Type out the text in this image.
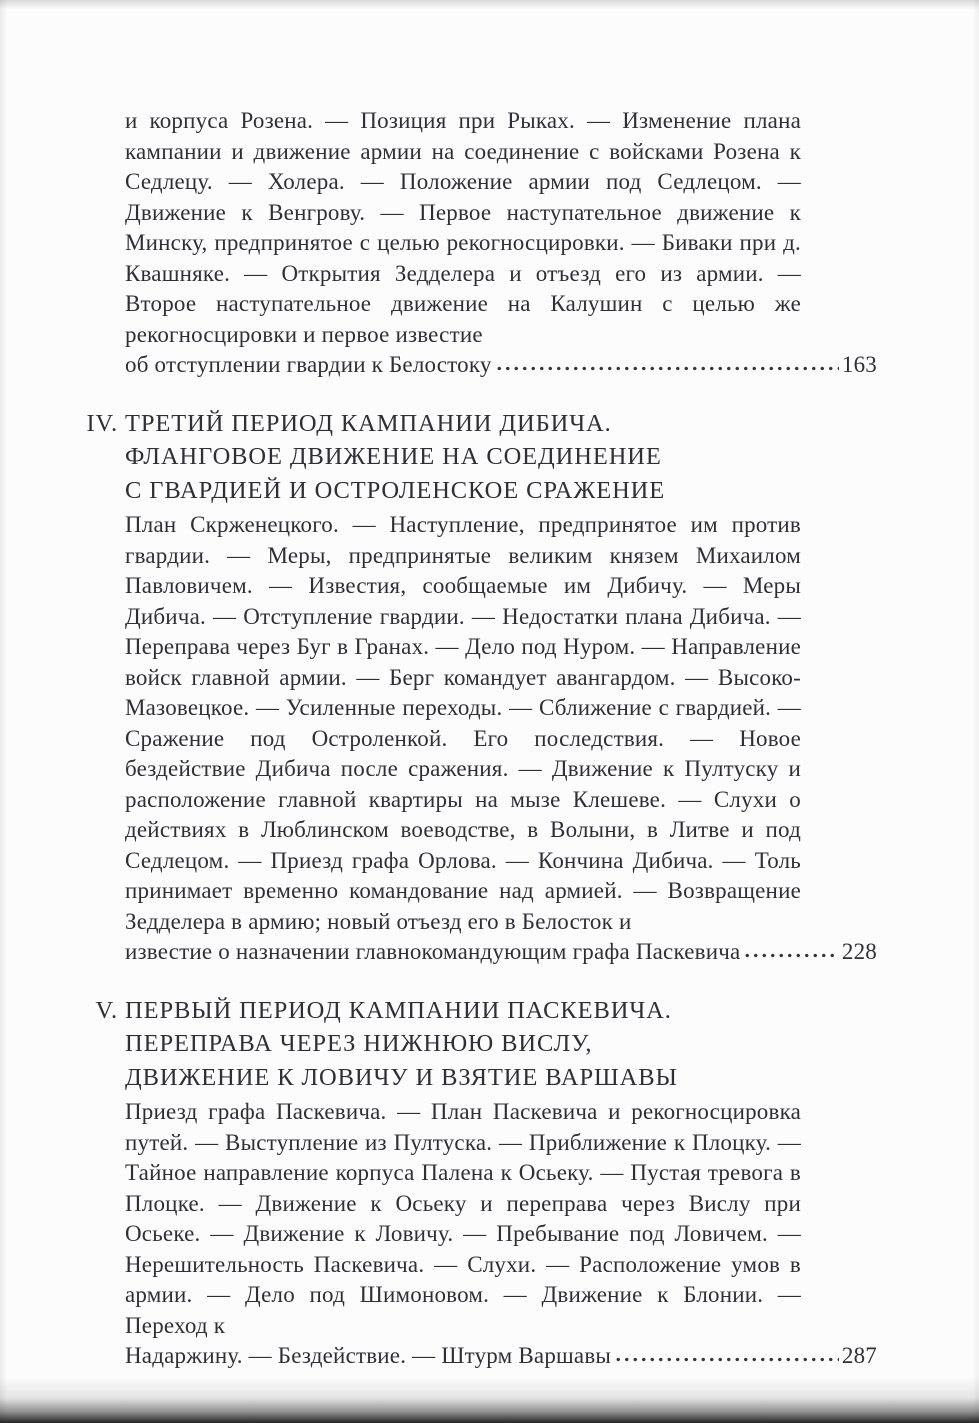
и корпуса Розена. — Позиция при Рыках. — Изменение плана кампании и движение армии на соединение с войсками Розена к Седлецу. — Холера. — Положение армии под Седлецом. — Движение к Венгрову. — Первое наступательное движение к Минску, предпринятое с целью рекогносцировки. — Биваки при д. Квашняке. — Открытия Зедделера и отъезд его из армии. — Второе наступательное движение на Калушин с целью же рекогносцировки и первое известие

об отступлении гвардии к Белостоку	163
IV. ТРЕТИЙ ПЕРИОД КАМПАНИИ ДИБИЧА.
ФЛАНГОВОЕ ДВИЖЕНИЕ НА СОЕДИНЕНИЕ
С ГВАРДИЕЙ И ОСТРОЛЕНСКОЕ СРАЖЕНИЕ

План Скрженецкого. — Наступление, предпринятое им против гвардии. — Меры, предпринятые великим князем Михаилом Павловичем. — Известия, сообщаемые им Дибичу. — Меры Дибича. — Отступление гвардии. — Недостатки плана Дибича. — Переправа через Буг в Гранах. — Дело под Нуром. — Направление войск главной армии. — Берг командует авангардом. — Высоко-Мазовецкое. — Усиленные переходы. — Сближение с гвардией. — Сражение под Остроленкой. Его последствия. — Новое бездействие Дибича после сражения. — Движение к Пултуску и расположение главной квартиры на мызе Клешеве. — Слухи о действиях в Люблинском воеводстве, в Волыни, в Литве и под Седлецом. — Приезд графа Орлова. — Кончина Дибича. — Толь принимает временно командование над армией. — Возвращение Зедделера в армию; новый отъезд его в Белосток и

известие о назначении главнокомандующим графа Паскевича	228
V. ПЕРВЫЙ ПЕРИОД КАМПАНИИ ПАСКЕВИЧА.
ПЕРЕПРАВА ЧЕРЕЗ НИЖНЮЮ ВИСЛУ,
ДВИЖЕНИЕ К ЛОВИЧУ И ВЗЯТИЕ ВАРШАВЫ

Приезд графа Паскевича. — План Паскевича и рекогносцировка путей. — Выступление из Пултуска. — Приближение к Плоцку. — Тайное направление корпуса Палена к Осьеку. — Пустая тревога в Плоцке. — Движение к Осьеку и переправа через Вислу при Осьеке. — Движение к Ловичу. — Пребывание под Ловичем. — Нерешительность Паскевича. — Слухи. — Расположение умов в армии. — Дело под Шимоновом. — Движение к Блонии. — Переход к

Надаржину. — Бездействие. — Штурм Варшавы	287
